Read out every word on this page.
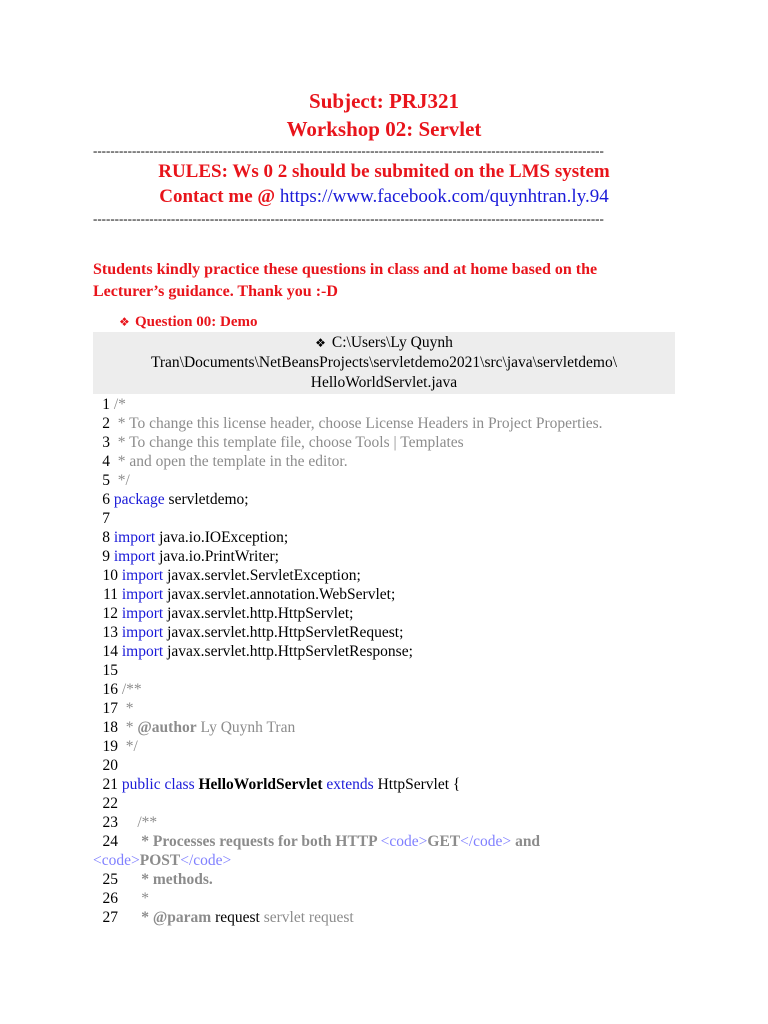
Subject: PRJ321
Workshop 02: Servlet
----------------------------------------------------------------------------------------------------------------------
RULES: Ws 0 2 should be submited on the LMS system
Contact me @ https://www.facebook.com/quynhtran.ly.94
----------------------------------------------------------------------------------------------------------------------
Students kindly practice these questions in class and at home based on the
Lecturer’s guidance. Thank you :-D
❖ Question 00: Demo
❖ C:\Users\Ly Quynh
Tran\Documents\NetBeansProjects\servletdemo2021\src\java\servletdemo\
HelloWorldServlet.java
1 /*
2  * To change this license header, choose License Headers in Project Properties.
3  * To change this template file, choose Tools | Templates
4  * and open the template in the editor.
5  */
6 package servletdemo;
7
8 import java.io.IOException;
9 import java.io.PrintWriter;
10 import javax.servlet.ServletException;
11 import javax.servlet.annotation.WebServlet;
12 import javax.servlet.http.HttpServlet;
13 import javax.servlet.http.HttpServletRequest;
14 import javax.servlet.http.HttpServletResponse;
15
16 /**
17  *
18  * @author Ly Quynh Tran
19  */
20
21 public class HelloWorldServlet extends HttpServlet {
22
23     /**
24      * Processes requests for both HTTP <code>GET</code> and
<code>POST</code>
25      * methods.
26      *
27      * @param request servlet request
